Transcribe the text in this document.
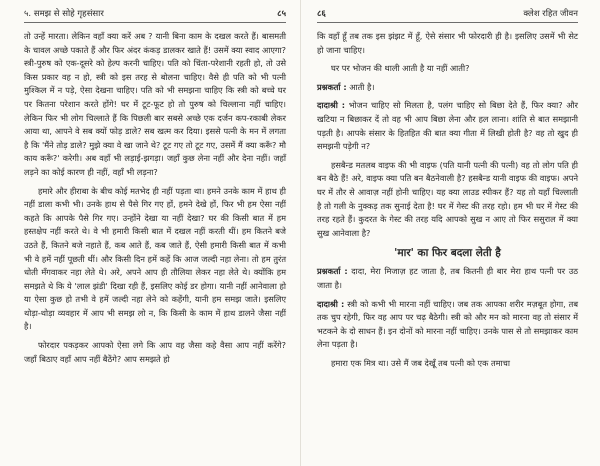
५. समझ से सोहे गृहसंसार	८५

तो उन्हें मारता। लेकिन वहाँ क्या करें अब ? यानी बिना काम के दखल करते हैं। बासमती के चावल अच्छे पकाते हैं और फिर अंदर कंकड़ डालकर खाते हैं! उसमें क्या स्वाद आएगा? स्त्री-पुरुष को एक-दूसरे को हेल्प करनी चाहिए। पति को चिंता-परेशानी रहती हो, तो उसे किस प्रकार वह न हो, स्त्री को इस तरह से बोलना चाहिए। वैसे ही पति को भी पत्नी मुश्किल में न पड़े, ऐसा देखना चाहिए। पति को भी समझना चाहिए कि स्त्री को बच्चे घर पर कितना परेशान करते होंगे! घर में टूट-फूट हो तो पुरुष को चिल्लाना नहीं चाहिए। लेकिन फिर भी लोग चिल्लाते हैं कि पिछली बार सबसे अच्छे एक दर्जन कप-रकाबी लेकर आया था, आपने वे सब क्यों फोड़ डाले? सब खत्म कर दिया। इससे पत्नी के मन में लगता है कि 'मैंने तोड़ डाले? मुझे क्या वे खा जाने थे? टूट गए तो टूट गए, उसमें मैं क्या करूँ? मौ काय करूँ?' करेगी। अब वहाँ भी लड़ाई-झगड़ा। जहाँ कुछ लेना नहीं और देना नहीं। जहाँ लड़ने का कोई कारण ही नहीं, वहाँ भी लड़ना?

हमारे और हीराबा के बीच कोई मतभेद ही नहीं पड़ता था। हमने उनके काम में हाथ ही नहीं डाला कभी भी। उनके हाथ से पैसे गिर गए हों, हमने देखे हों, फिर भी हम ऐसा नहीं कहते कि आपके पैसे गिर गए। उन्होंने देखा या नहीं देखा? घर की किसी बात में हम हस्तक्षेप नहीं करते थे। वे भी हमारी किसी बात में दखल नहीं करती थीं। हम कितने बजे उठते हैं, कितने बजे नहाते हैं, कब आते हैं, कब जाते हैं, ऐसी हमारी किसी बात में कभी भी वे हमें नहीं पूछती थीं। और किसी दिन हमें कहें कि आज जल्दी नहा लेना। तो हम तुरंत धोती मँगवाकर नहा लेते थे। अरे, अपने आप ही तौलिया लेकर नहा लेते थे। क्योंकि हम समझते थे कि ये 'लाल झंडी' दिखा रही हैं, इसलिए कोई डर होगा। यानी नहीं आनेवाला हो या ऐसा कुछ हो तभी वे हमें जल्दी नहा लेने को कहेंगी, यानी हम समझ जाते। इसलिए थोड़ा-थोड़ा व्यवहार में आप भी समझ लो न, कि किसी के काम में हाथ डालने जैसा नहीं है।

फोरदार पकड़कर आपको ऐसा लगे कि आप वह जैसा कहे वैसा आप नहीं करेंगे? जहाँ बिठाए वहाँ आप नहीं बैठेंगे? आप समझते हो

८६	क्लेश रहित जीवन

कि वहाँ हूँ तब तक इस झंझट में हूँ, ऐसे संसार भी फोरदारी ही है। इसलिए उसमें भी सेट हो जाना चाहिए।

घर पर भोजन की थाली आती है या नहीं आती?

प्रश्नकर्ता : आती है।

दादाश्री : भोजन चाहिए सो मिलता है, पलंग चाहिए सो बिछा देते हैं, फिर क्या? और खटिया न बिछाकर दें तो वह भी आप बिछा लेना और हल लाना। शांति से बात समझानी पड़ती है। आपके संसार के हितहित की बात क्या गीता में लिखी होती है? वह तो खुद ही समझनी पड़ेगी न?

हसबैन्ड मतलब वाइफ की भी वाइफ (पति यानी पत्नी की पत्नी) वह तो लोग पति ही बन बैठे हैं! अरे, वाइफ क्या पति बन बैठनेवाली है? हसबैन्ड यानी वाइफ की वाइफ। अपने घर में तौर से आवाज़ नहीं होनी चाहिए। यह क्या लाउड स्पीकर हैं? यह तो यहाँ चिल्लाती है तो गली के नुक्कड़ तक सुनाई देता है! घर में गेस्ट की तरह रहो। हम भी घर में गेस्ट की तरह रहते हैं। कुदरत के गेस्ट की तरह यदि आपको सुख न आए तो फिर ससुराल में क्या सुख आनेवाला है?

'मार' का फिर बदला लेती है

प्रश्नकर्ता : दादा, मेरा मिजाज़ हट जाता है, तब कितनी ही बार मेरा हाथ पत्नी पर उठ जाता है।

दादाश्री : स्त्री को कभी भी मारना नहीं चाहिए। जब तक आपका शरीर मज़बूत होगा, तब तक चुप रहेगी, फिर वह आप पर चढ़ बैठेगी। स्त्री को और मन को मारना वह तो संसार में भटकने के दो साधन हैं। इन दोनों को मारना नहीं चाहिए। उनके पास से तो समझाकर काम लेना पड़ता है।

हमारा एक मित्र था। उसे मैं जब देखूँ तब पत्नी को एक तमाचा
